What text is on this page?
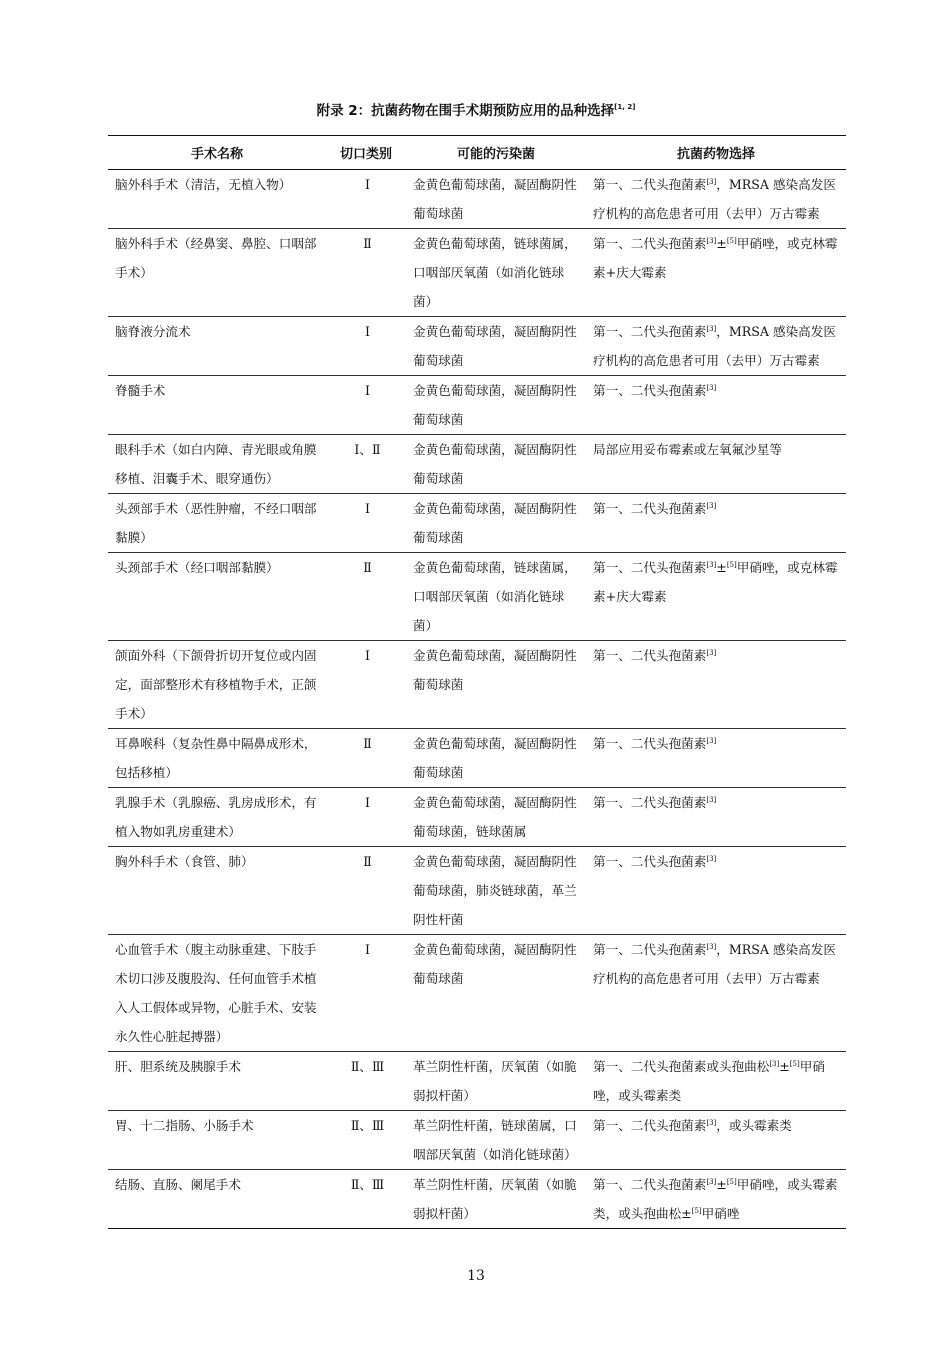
附录 2：抗菌药物在围手术期预防应用的品种选择[1, 2]
手术名称	切口类别	可能的污染菌	抗菌药物选择
脑外科手术（清洁，无植入物）	Ⅰ	金黄色葡萄球菌，凝固酶阴性葡萄球菌	第一、二代头孢菌素[3]，MRSA 感染高发医疗机构的高危患者可用（去甲）万古霉素
脑外科手术（经鼻窦、鼻腔、口咽部手术）	Ⅱ	金黄色葡萄球菌，链球菌属，口咽部厌氧菌（如消化链球菌）	第一、二代头孢菌素[3]±[5]甲硝唑，或克林霉素+庆大霉素
脑脊液分流术	Ⅰ	金黄色葡萄球菌，凝固酶阴性葡萄球菌	第一、二代头孢菌素[3]，MRSA 感染高发医疗机构的高危患者可用（去甲）万古霉素
脊髓手术	Ⅰ	金黄色葡萄球菌，凝固酶阴性葡萄球菌	第一、二代头孢菌素[3]
眼科手术（如白内障、青光眼或角膜移植、泪囊手术、眼穿通伤）	Ⅰ、Ⅱ	金黄色葡萄球菌，凝固酶阴性葡萄球菌	局部应用妥布霉素或左氧氟沙星等
头颈部手术（恶性肿瘤，不经口咽部黏膜）	Ⅰ	金黄色葡萄球菌，凝固酶阴性葡萄球菌	第一、二代头孢菌素[3]
头颈部手术（经口咽部黏膜）	Ⅱ	金黄色葡萄球菌，链球菌属，口咽部厌氧菌（如消化链球菌）	第一、二代头孢菌素[3]±[5]甲硝唑，或克林霉素+庆大霉素
颌面外科（下颌骨折切开复位或内固定，面部整形术有移植物手术，正颌手术）	Ⅰ	金黄色葡萄球菌，凝固酶阴性葡萄球菌	第一、二代头孢菌素[3]
耳鼻喉科（复杂性鼻中隔鼻成形术，包括移植）	Ⅱ	金黄色葡萄球菌，凝固酶阴性葡萄球菌	第一、二代头孢菌素[3]
乳腺手术（乳腺癌、乳房成形术，有植入物如乳房重建术）	Ⅰ	金黄色葡萄球菌，凝固酶阴性葡萄球菌，链球菌属	第一、二代头孢菌素[3]
胸外科手术（食管、肺）	Ⅱ	金黄色葡萄球菌，凝固酶阴性葡萄球菌，肺炎链球菌，革兰阴性杆菌	第一、二代头孢菌素[3]
心血管手术（腹主动脉重建、下肢手术切口涉及腹股沟、任何血管手术植入人工假体或异物，心脏手术、安装永久性心脏起搏器）	Ⅰ	金黄色葡萄球菌，凝固酶阴性葡萄球菌	第一、二代头孢菌素[3]，MRSA 感染高发医疗机构的高危患者可用（去甲）万古霉素
肝、胆系统及胰腺手术	Ⅱ、Ⅲ	革兰阴性杆菌，厌氧菌（如脆弱拟杆菌）	第一、二代头孢菌素或头孢曲松[3]±[5]甲硝唑，或头霉素类
胃、十二指肠、小肠手术	Ⅱ、Ⅲ	革兰阴性杆菌，链球菌属，口咽部厌氧菌（如消化链球菌）	第一、二代头孢菌素[3]，或头霉素类
结肠、直肠、阑尾手术	Ⅱ、Ⅲ	革兰阴性杆菌，厌氧菌（如脆弱拟杆菌）	第一、二代头孢菌素[3]±[5]甲硝唑，或头霉素类，或头孢曲松±[5]甲硝唑
13
